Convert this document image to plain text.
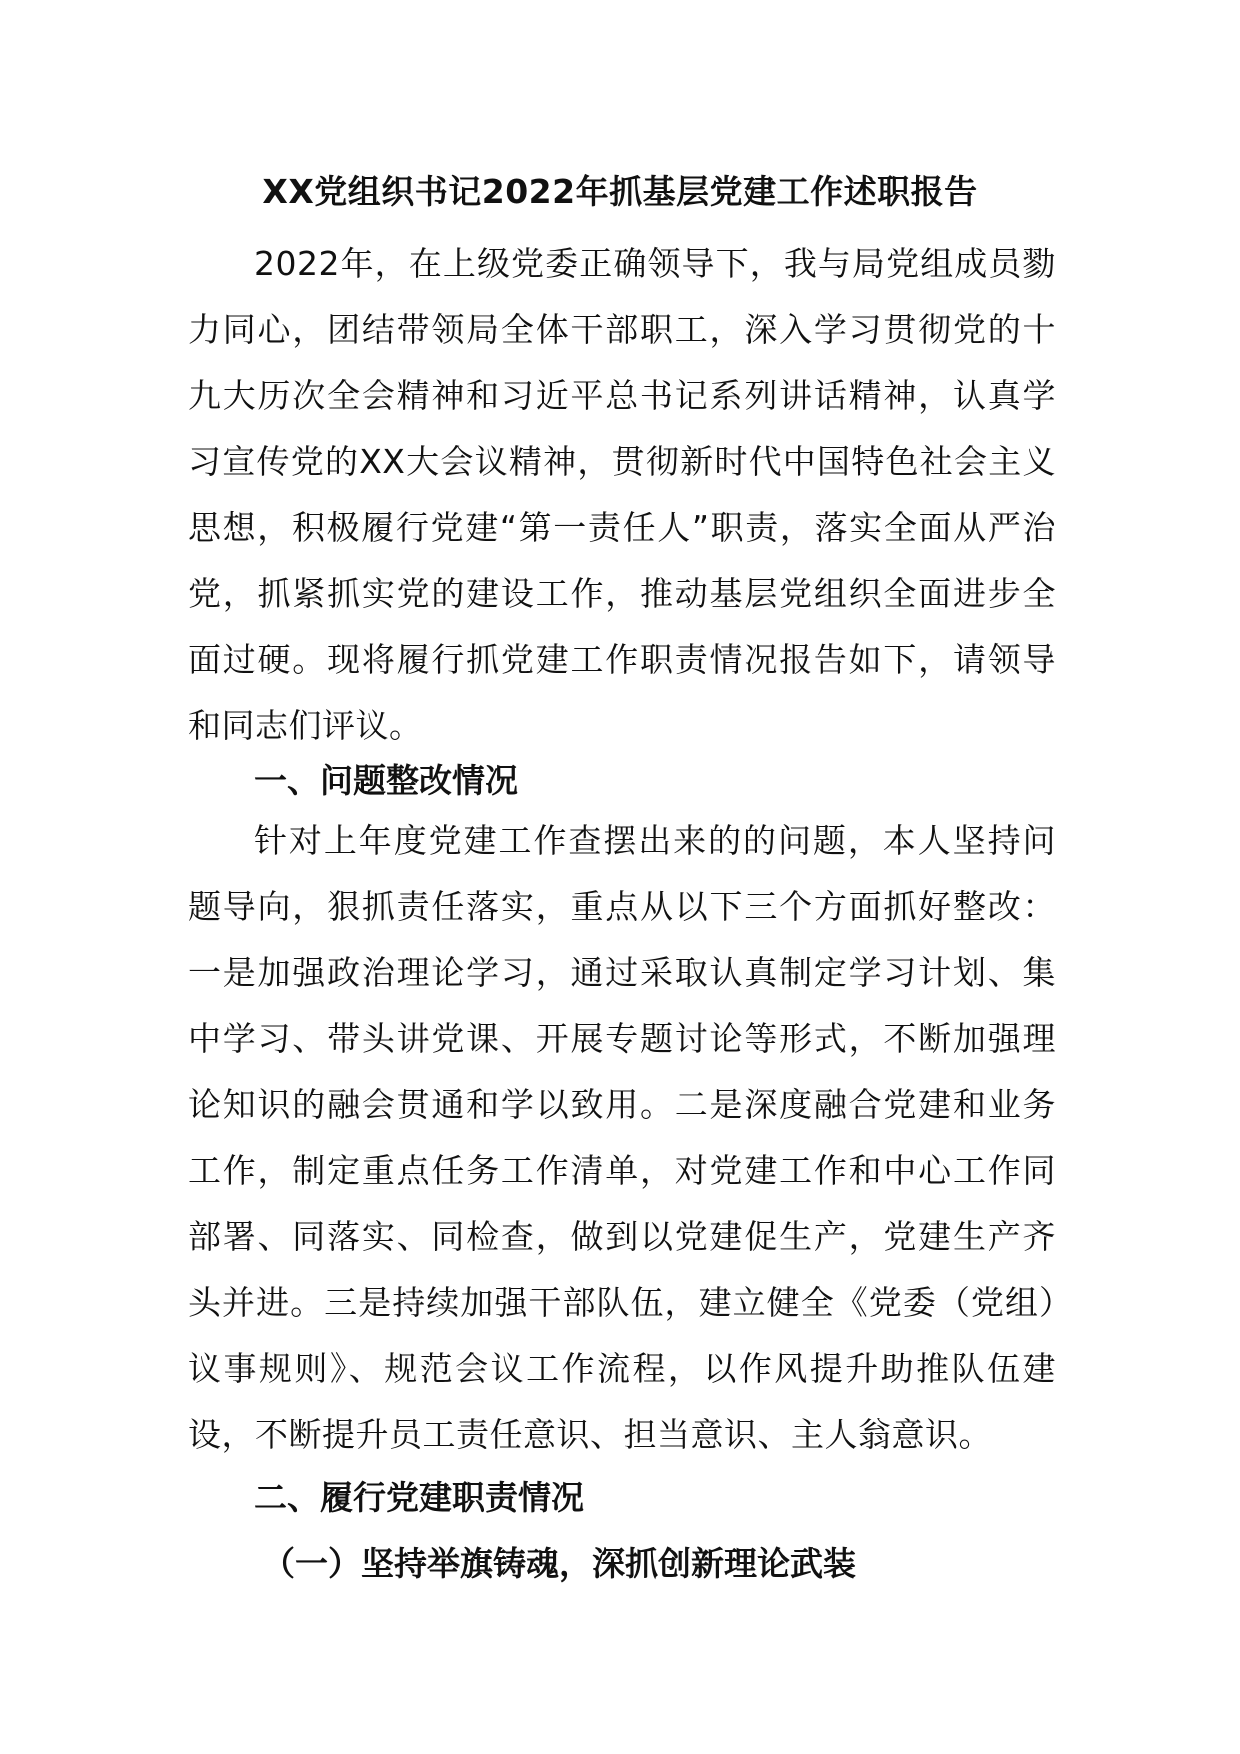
XX党组织书记2022年抓基层党建工作述职报告

2022年，在上级党委正确领导下，我与局党组成员勠力同心，团结带领局全体干部职工，深入学习贯彻党的十九大历次全会精神和习近平总书记系列讲话精神，认真学习宣传党的XX大会议精神，贯彻新时代中国特色社会主义思想，积极履行党建“第一责任人”职责，落实全面从严治党，抓紧抓实党的建设工作，推动基层党组织全面进步全面过硬。现将履行抓党建工作职责情况报告如下，请领导和同志们评议。

一、问题整改情况

针对上年度党建工作查摆出来的的问题，本人坚持问题导向，狠抓责任落实，重点从以下三个方面抓好整改：一是加强政治理论学习，通过采取认真制定学习计划、集中学习、带头讲党课、开展专题讨论等形式，不断加强理论知识的融会贯通和学以致用。二是深度融合党建和业务工作，制定重点任务工作清单，对党建工作和中心工作同部署、同落实、同检查，做到以党建促生产，党建生产齐头并进。三是持续加强干部队伍，建立健全《党委（党组）议事规则》、规范会议工作流程，以作风提升助推队伍建设，不断提升员工责任意识、担当意识、主人翁意识。

二、履行党建职责情况
（一）坚持举旗铸魂，深抓创新理论武装
